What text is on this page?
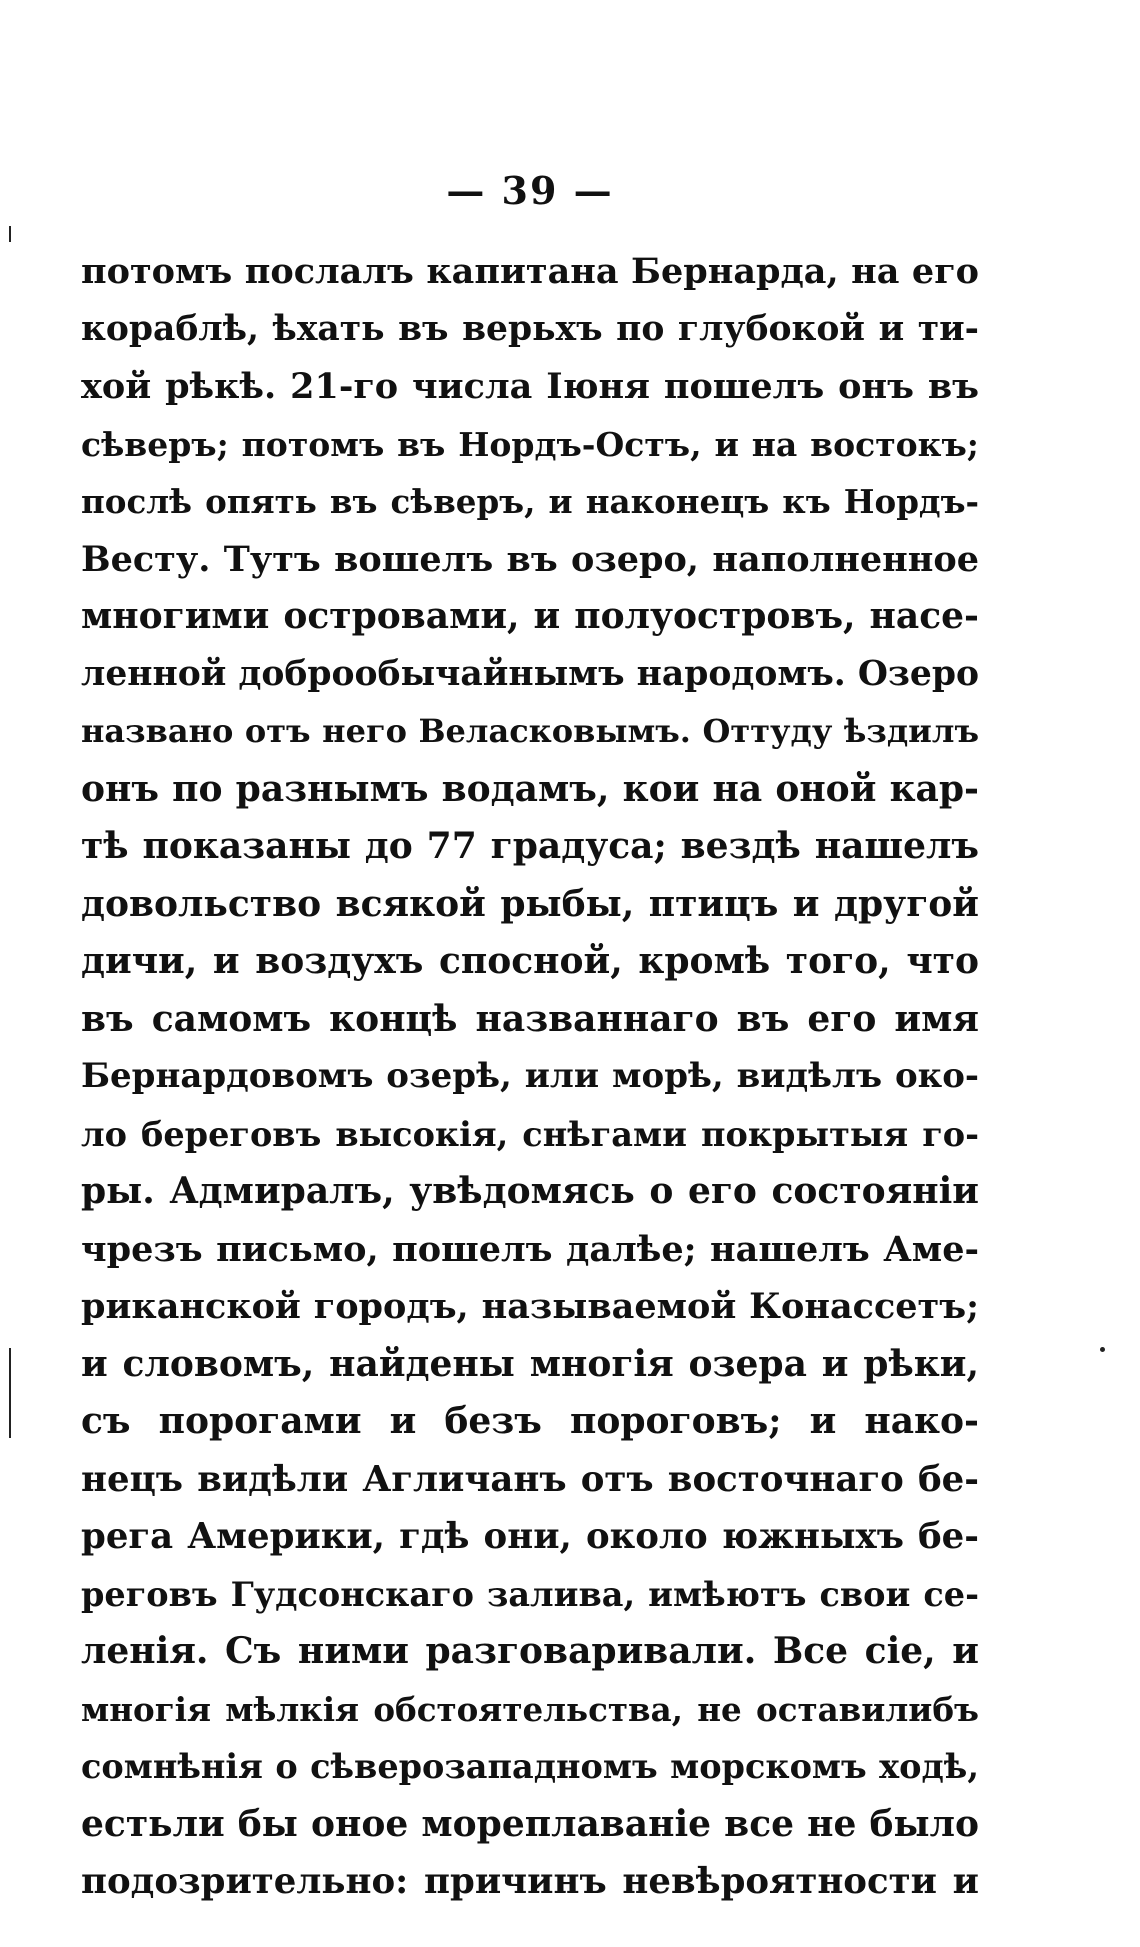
— 39 —
потомъ послалъ капитана Бернарда, на его
кораблѣ, ѣхать въ верьхъ по глубокой и ти-
хой рѣкѣ. 21-го числа Іюня пошелъ онъ въ
сѣверъ; потомъ въ Нордъ-Остъ, и на востокъ;
послѣ опять въ сѣверъ, и наконецъ къ Нордъ-
Весту. Тутъ вошелъ въ озеро, наполненное
многими островами, и полуостровъ, насе-
ленной доброобычайнымъ народомъ. Озеро
названо отъ него Веласковымъ. Оттуду ѣздилъ
онъ по разнымъ водамъ, кои на оной кар-
тѣ показаны до 77 градуса; вездѣ нашелъ
довольство всякой рыбы, птицъ и другой
дичи, и воздухъ спосной, кромѣ того, что
въ самомъ концѣ названнаго въ его имя
Бернардовомъ озерѣ, или морѣ, видѣлъ око-
ло береговъ высокія, снѣгами покрытыя го-
ры. Адмиралъ, увѣдомясь о его состояніи
чрезъ письмо, пошелъ далѣе; нашелъ Аме-
риканской городъ, называемой Конассетъ;
и словомъ, найдены многія озера и рѣки,
съ порогами и безъ пороговъ; и нако-
нецъ видѣли Агличанъ отъ восточнаго бе-
рега Америки, гдѣ они, около южныхъ бе-
реговъ Гудсонскаго залива, имѣютъ свои се-
ленія. Съ ними разговаривали. Все сіе, и
многія мѣлкія обстоятельства, не оставилибъ
сомнѣнія о сѣверозападномъ морскомъ ходѣ,
естьли бы оное мореплаваніе все не было
подозрительно: причинъ невѣроятности и
